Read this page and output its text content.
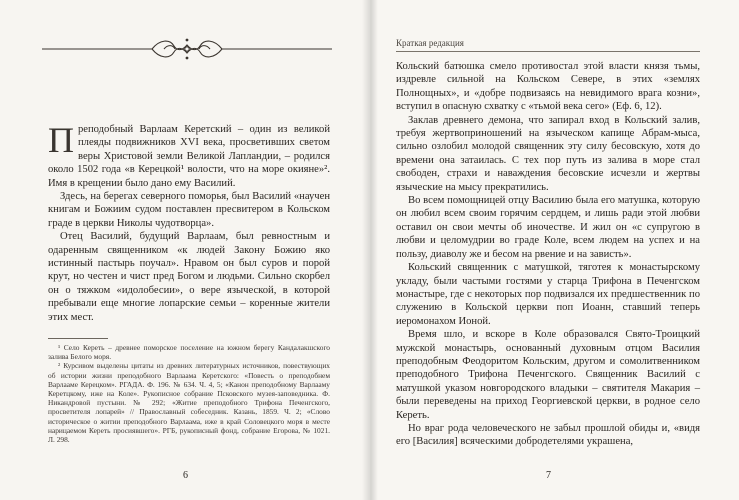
Преподобный Варлаам Керетский – один из великой плеяды подвижников XVI века, просветивших светом веры Христовой земли Великой Лапландии, – родился около 1502 года «в Керецкой¹ волости, что на море окияне»². Имя в крещении было дано ему Василий.

Здесь, на берегах северного поморья, был Василий «научен книгам и Божиим судом поставлен пресвитером в Кольском граде в церкви Николы чудотворца».

Отец Василий, будущий Варлаам, был ревностным и одаренным священником «к людей Закону Божию яко истинный пастырь поучал». Нравом он был суров и порой крут, но честен и чист пред Богом и людьми. Сильно скорбел он о тяжком «идолобесии», о вере языческой, в которой пребывали еще многие лопарские семьи – коренные жители этих мест.

¹ Село Кереть – древнее поморское поселение на южном берегу Кандалакшского залива Белого моря.

² Курсивом выделены цитаты из древних литературных источников, повествующих об истории жизни преподобного Варлаама Керетского: «Повесть о преподобнем Варлааме Керецком». РГАДА. Ф. 196. № 634. Ч. 4, 5; «Канон преподобному Варлааму Керетцкому, иже на Коле». Рукописное собрание Псковского музея-заповедника. Ф. Никандровой пустыни. № 292; «Житие преподобного Трифона Печенгского, просветителя лопарей» // Православный собеседник. Казань, 1859. Ч. 2; «Слово историческое о житии преподобного Варлаама, иже в край Соловецкого моря в месте нарицаемом Кереть просиявшего». РГБ, рукописный фонд, собрание Егорова, № 1021. Л. 298.

6
Краткая редакция

Кольский батюшка смело противостал этой власти князя тьмы, издревле сильной на Кольском Севере, в этих «землях Полнощных», и «добре подвизаясь на невидимого врага козни», вступил в опасную схватку с «тьмой века сего» (Еф. 6, 12).

Заклав древнего демона, что запирал вход в Кольский залив, требуя жертвоприношений на языческом капище Абрам-мыса, сильно озлобил молодой священник эту силу бесовскую, хотя до времени она затаилась. С тех пор путь из залива в море стал свободен, страхи и наваждения бесовские исчезли и жертвы языческие на мысу прекратились.

Во всем помощницей отцу Василию была его матушка, которую он любил всем своим горячим сердцем, и лишь ради этой любви оставил он свои мечты об иночестве. И жил он «с супругою в любви и целомудрии во граде Коле, всем людем на успех и на пользу, диаволу же и бесом на рвение и на зависть».

Кольский священник с матушкой, тяготея к монастырскому укладу, были частыми гостями у старца Трифона в Печенгском монастыре, где с некоторых пор подвизался их предшественник по служению в Кольской церкви поп Иоанн, ставший теперь иеромонахом Ионой.

Время шло, и вскоре в Коле образовался Свято-Троицкий мужской монастырь, основанный духовным отцом Василия преподобным Феодоритом Кольским, другом и сомолитвенником преподобного Трифона Печенгского. Священник Василий с матушкой указом новгородского владыки – святителя Макария – были переведены на приход Георгиевской церкви, в родное село Кереть.

Но враг рода человеческого не забыл прошлой обиды и, «видя его [Василия] всяческими добродетелями украшена,

7
